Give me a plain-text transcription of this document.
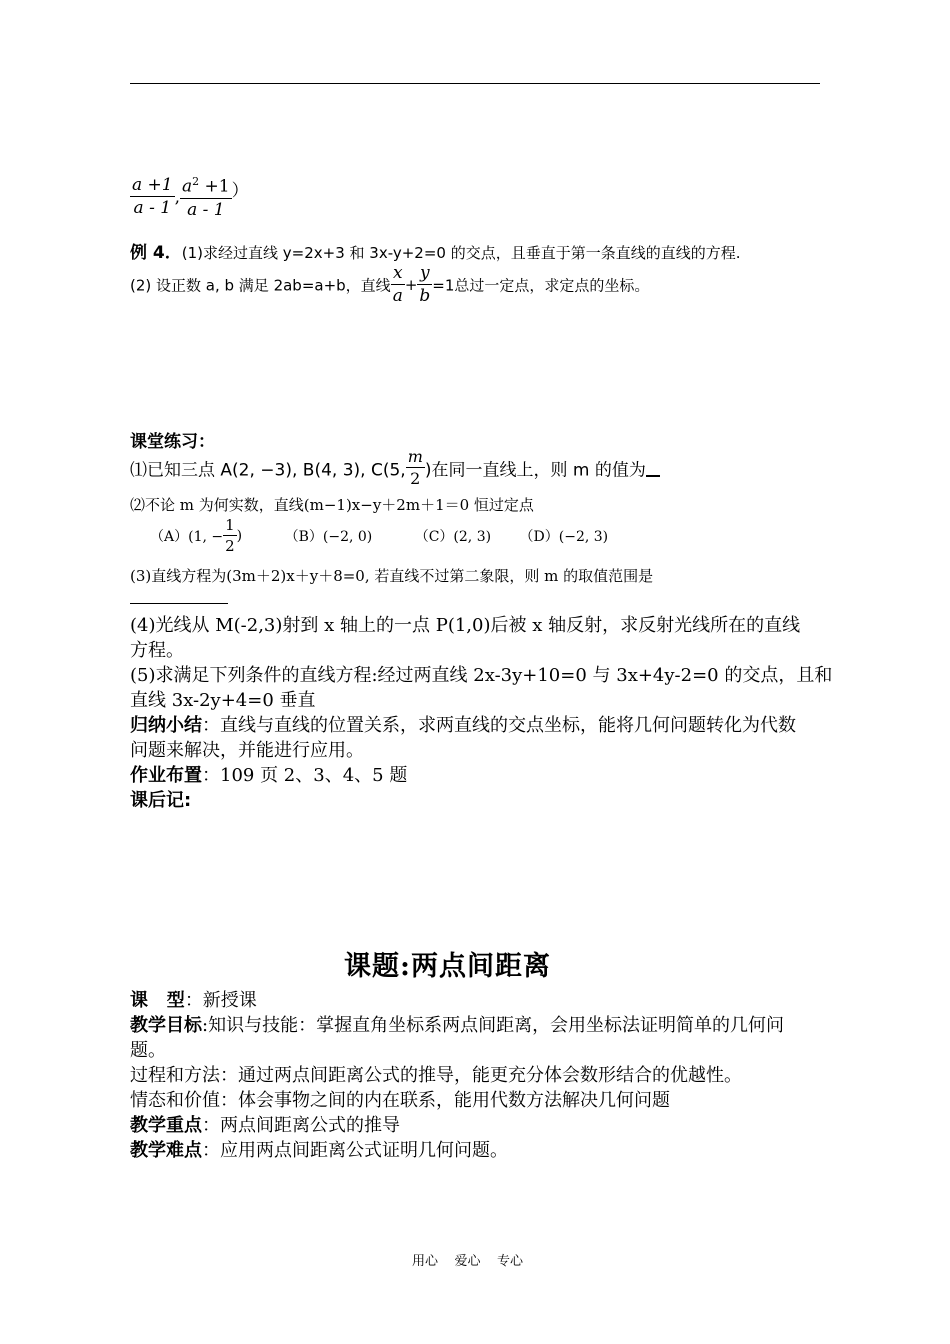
$\frac{a +1}{a - 1}$ , $\frac{a^2 +1}{a - 1}$ ）
例 4．(1)求经过直线 y=2x+3 和 3x-y+2=0 的交点，且垂直于第一条直线的直线的方程.
(2) 设正数 a, b 满足 2ab=a+b，直线 $\frac{x}{a} + \frac{y}{b} =1$总过一定点，求定点的坐标。
课堂练习：
⑴已知三点 A(2, −3), B(4, 3), C(5, $\frac{m}{2}$ )在同一直线上，则 m 的值为
⑵不论 m 为何实数，直线(m−1)x−y＋2m＋1＝0 恒过定点
（A）(1, − $\frac{1}{2}$ )	（B）(−2, 0)	（C）(2, 3) （D）(−2, 3)
(3)直线方程为(3m＋2)x＋y＋8=0, 若直线不过第二象限，则 m 的取值范围是
(4)光线从 M(-2,3)射到 x 轴上的一点 P(1,0)后被 x 轴反射，求反射光线所在的直线
方程。
(5)求满足下列条件的直线方程:经过两直线 2x-3y+10=0 与 3x+4y-2=0 的交点，且和
直线 3x-2y+4=0 垂直
归纳小结：直线与直线的位置关系，求两直线的交点坐标，能将几何问题转化为代数
问题来解决，并能进行应用。
作业布置：109 页 2、3、4、5 题
课后记:
课题:两点间距离
课   型：新授课
教学目标:知识与技能：掌握直角坐标系两点间距离，会用坐标法证明简单的几何问
题。
过程和方法：通过两点间距离公式的推导，能更充分体会数形结合的优越性。
情态和价值：体会事物之间的内在联系，能用代数方法解决几何问题
教学重点：两点间距离公式的推导
教学难点：应用两点间距离公式证明几何问题。
用心    爱心    专心
